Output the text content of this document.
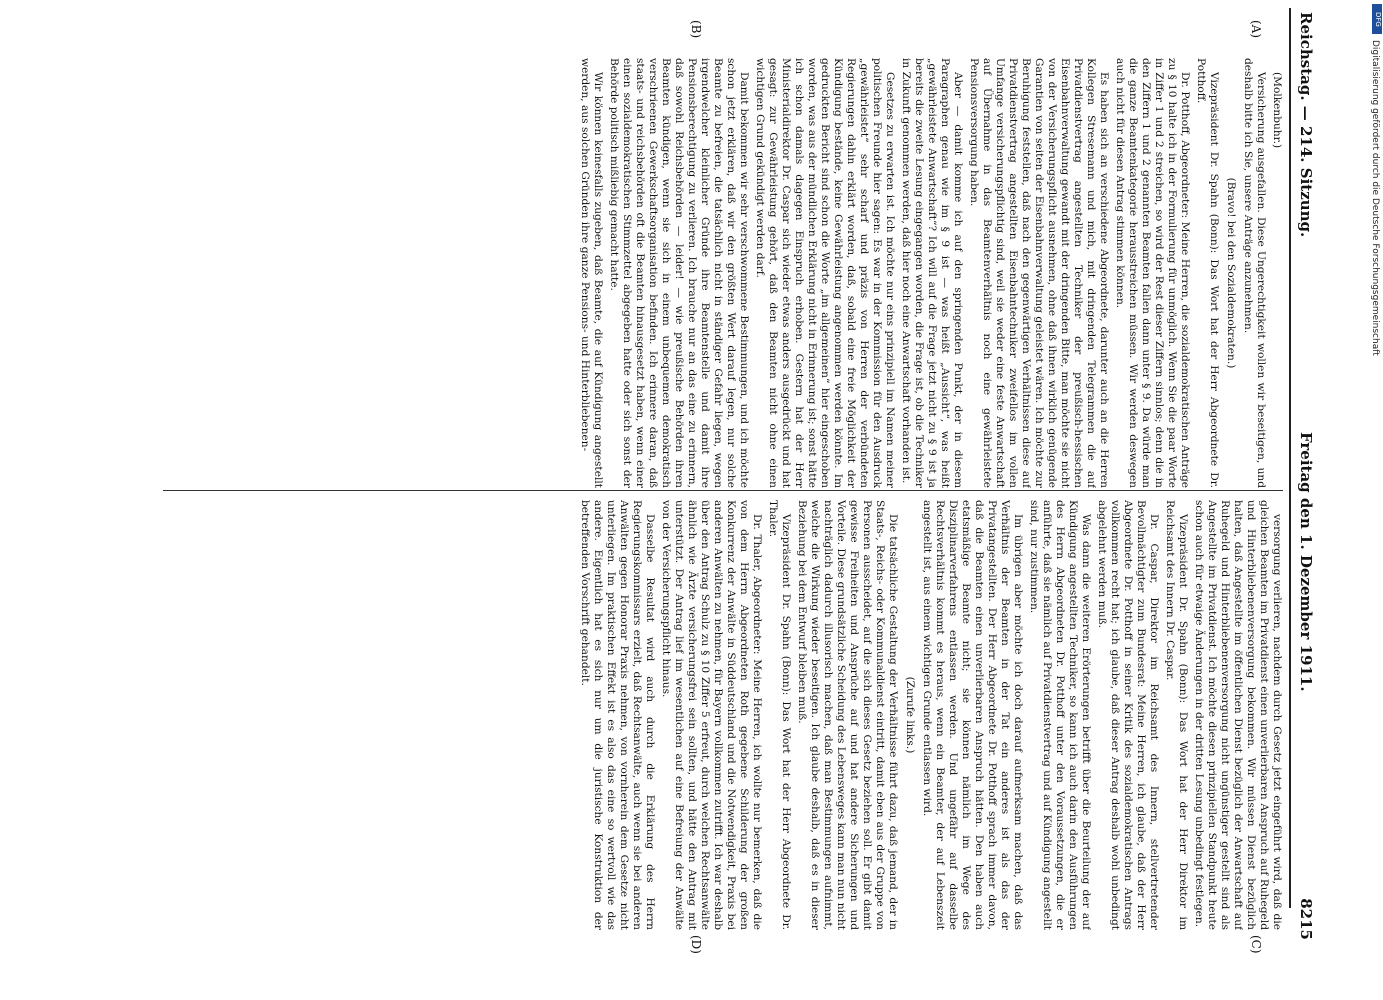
Reichstag. — 214. Sitzung.
Freitag den 1. Dezember 1911.
8215
(A)
(B)
(C)
(D)

(Molkenbuhr.)

Versicherung ausgefallen. Diese Ungerechtigkeit wollen wir beseitigen, und deshalb bitte ich Sie, unsere Anträge anzunehmen.

(Bravo! bei den Sozialdemokraten.)

Vizepräsident Dr. Spahn (Bonn): Das Wort hat der Herr Abgeordnete Dr. Potthoff.

Dr. Potthoff, Abgeordneter: Meine Herren, die sozialdemokratischen Anträge zu § 10 halte ich in der Formulierung für unmöglich. Wenn Sie die paar Worte in Ziffer 1 und 2 streichen, so wird der Rest dieser Ziffern sinnlos; denn die in den Ziffern 1 und 2 genannten Beamten fallen dann unter § 9. Da würde man die ganze Beamtenkategorie herausstreichen müssen. Wir werden deswegen auch nicht für diesen Antrag stimmen können.

Es haben sich an verschiedene Abgeordnete, darunter auch an die Herren Kollegen Stresemann und mich, mit dringenden Telegrammen die auf Privatdienstvertrag angestellten Techniker der preußisch-hessischen Eisenbahnverwaltung gewandt mit der dringenden Bitte, man möchte sie nicht von der Versicherungspflicht ausnehmen, ohne daß ihnen wirklich genügende Garantien von seiten der Eisenbahnverwaltung geleistet wären. Ich möchte zur Beruhigung feststellen, daß nach den gegenwärtigen Verhältnissen diese auf Privatdienstvertrag angestellten Eisenbahntechniker zweifellos im vollen Umfange versicherungspflichtig sind, weil sie weder eine feste Anwartschaft auf Übernahme in das Beamtenverhältnis noch eine gewährleistete Pensionsversorgung haben.

Aber — damit komme ich auf den springenden Punkt, der in diesem Paragraphen genau wie im § 9 ist — was heißt „Aussicht“, was heißt „gewährleistete Anwartschaft“? Ich will auf die Frage jetzt nicht zu § 9 ist ja bereits die zweite Lesung eingegangen worden, die Frage ist, ob die Techniker in Zukunft genommen werden, daß hier noch eine Anwartschaft vorhanden ist.

Gesetzes zu erwarten ist. Ich möchte nur eins prinzipiell im Namen meiner politischen Freunde hier sagen: Es war in der Kommission für den Ausdruck „gewährleistet“ sehr scharf und präzis von Herren der verbündeten Regierungen dahin erklärt worden, daß, sobald eine freie Möglichkeit der Kündigung bestände, keine Gewährleistung angenommen werden könnte. Im gedruckten Bericht sind schon die Worte „im allgemeinen“ hier eingeschoben worden, was aus der mündlichen Erklärung nicht in Erinnerung ist; sonst hätte ich schon damals dagegen Einspruch erhoben. Gestern hat der Herr Ministerialdirektor Dr. Caspar sich wieder etwas anders ausgedrückt und hat gesagt: zur Gewährleistung gehört, daß den Beamten nicht ohne einen wichtigen Grund gekündigt werden darf.

Damit bekommen wir sehr verschwommene Bestimmungen, und ich möchte schon jetzt erklären, daß wir den größten Wert darauf legen, nur solche Beamte zu befreien, die tatsächlich nicht in ständiger Gefahr liegen, wegen irgendwelcher kleinlicher Gründe ihre Beamtenstelle und damit ihre Pensionsberechtigung zu verlieren. Ich brauche nur an das eine zu erinnern, daß sowohl Reichsbehörden — leider! — wie preußische Behörden ihren Beamten kündigen, wenn sie sich in einem unbequemen demokratisch verschrieenen Gewerkschaftsorganisation befinden. Ich erinnere daran, daß staats- und reichsbehörden oft die Beamten hinausgesetzt haben, wenn einer einen sozialdemokratischen Stimmzettel abgegeben hatte oder sich sonst der Behörde politisch mißliebig gemacht hatte.

Wir können keinesfalls zugeben, daß Beamte, die auf Kündigung angestellt werden, aus solchen Gründen ihre ganze Pensions- und Hinterbliebenen-

versorgung verlieren, nachdem durch Gesetz jetzt eingeführt wird, daß die gleichen Beamten im Privatdienst einen unverlierbaren Anspruch auf Ruhegeld und Hinterbliebenenversorgung bekommen. Wir müssen Dienst bezüglich halten, daß Angestellte im öffentlichen Dienst bezüglich der Anwartschaft auf Ruhegeld und Hinterbliebenenversorgung nicht ungünstiger gestellt sind als Angestellte im Privatdienst. Ich möchte diesen prinzipiellen Standpunkt heute schon auch für etwaige Änderungen in der dritten Lesung unbedingt festlegen.

Vizepräsident Dr. Spahn (Bonn): Das Wort hat der Herr Direktor im Reichsamt des Innern Dr. Caspar.

Dr. Caspar, Direktor im Reichsamt des Innern, stellvertretender Bevollmächtigter zum Bundesrat: Meine Herren, ich glaube, daß der Herr Abgeordnete Dr. Potthoff in seiner Kritik des sozialdemokratischen Antrags vollkommen recht hat; ich glaube, daß dieser Antrag deshalb wohl unbedingt abgelehnt werden muß.

Was dann die weiteren Erörterungen betrifft über die Beurteilung der auf Kündigung angestellten Techniker, so kann ich auch darin den Ausführungen des Herrn Abgeordneten Dr. Potthoff unter den Voraussetzungen, die er anführte, daß sie nämlich auf Privatdienstvertrag und auf Kündigung angestellt sind, nur zustimmen.

Im übrigen aber möchte ich doch darauf aufmerksam machen, daß das Verhältnis der Beamten in der Tat ein anderes ist als das der Privatangestellten. Der Herr Abgeordnete Dr. Potthoff sprach immer davon, daß die Beamten einen unverlierbaren Anspruch hätten. Den haben auch etatsmäßige Beamte nicht; sie können nämlich im Wege des Disziplinarverfahrens entlassen werden. Und ungefähr auf dasselbe Rechtsverhältnis kommt es heraus, wenn ein Beamter, der auf Lebenszeit angestellt ist, aus einem wichtigen Grunde entlassen wird.

(Zurufe links.)

Die tatsächliche Gestaltung der Verhältnisse führt dazu, daß jemand, der in Staats-, Reichs- oder Kommunaldienst eintritt, damit eben aus der Gruppe von Personen ausscheidet, auf die sich dieses Gesetz beziehen soll. Er gibt damit gewisse Freiheiten und Ansprüche auf und hat andere Sicherungen und Vorteile. Diese grundsätzliche Scheidung des Lebensweges kann man nun nicht nachträglich dadurch illusorisch machen, daß man Bestimmungen aufnimmt, welche die Wirkung wieder beseitigen. Ich glaube deshalb, daß es in dieser Beziehung bei dem Entwurf bleiben muß.

Vizepräsident Dr. Spahn (Bonn): Das Wort hat der Herr Abgeordnete Dr. Thaler.

Dr. Thaler, Abgeordneter: Meine Herren, ich wollte nur bemerken, daß die von dem Herrn Abgeordneten Roth gegebene Schilderung der großen Konkurrenz der Anwälte in Süddeutschland und die Notwendigkeit, Praxis bei anderen Anwälten zu nehmen, für Bayern vollkommen zutrifft. Ich war deshalb über den Antrag Schulz zu § 10 Ziffer 5 erfreut, durch welchen Rechtsanwälte ähnlich wie Ärzte versicherungsfrei sein sollten, und hätte den Antrag mit unterstützt. Der Antrag lief im wesentlichen auf eine Befreiung der Anwälte von der Versicherungspflicht hinaus.

Dasselbe Resultat wird auch durch die Erklärung des Herrn Regierungskommissars erzielt, daß Rechtsanwälte, auch wenn sie bei anderen Anwälten gegen Honorar Praxis nehmen, von vornherein dem Gesetze nicht unterliegen. Im praktischen Effekt ist es also das eine so wertvoll wie das andere. Eigentlich hat es sich nur um die juristische Konstruktion der betreffenden Vorschrift gehandelt.

DFG
Digitalisierung gefördert durch die Deutsche Forschungsgemeinschaft
